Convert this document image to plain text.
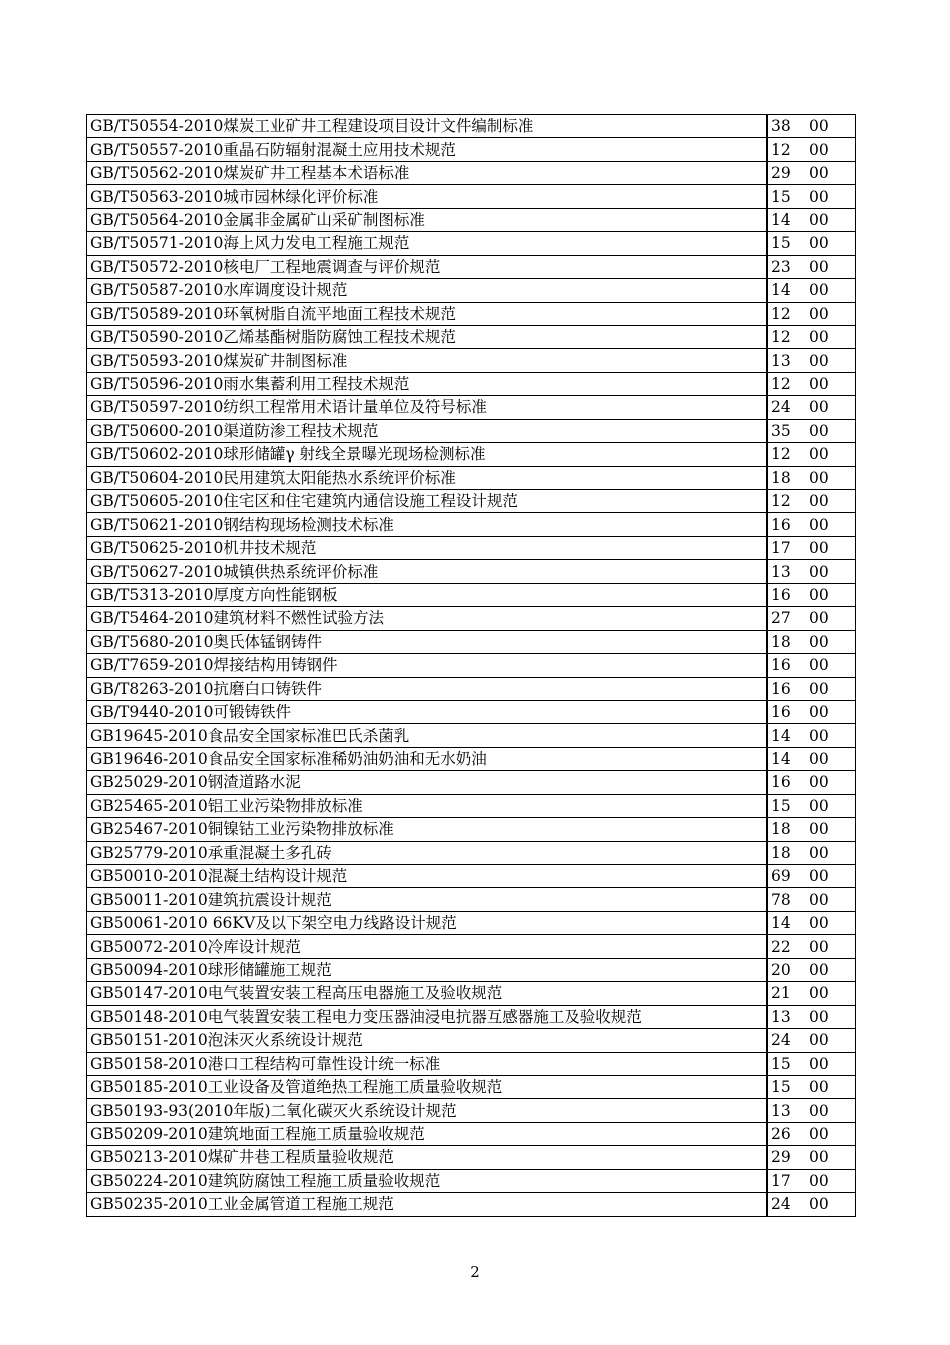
GB/T50554-2010煤炭工业矿井工程建设项目设计文件编制标准	38 00
GB/T50557-2010重晶石防辐射混凝土应用技术规范	12 00
GB/T50562-2010煤炭矿井工程基本术语标准	29 00
GB/T50563-2010城市园林绿化评价标准	15 00
GB/T50564-2010金属非金属矿山采矿制图标准	14 00
GB/T50571-2010海上风力发电工程施工规范	15 00
GB/T50572-2010核电厂工程地震调查与评价规范	23 00
GB/T50587-2010水库调度设计规范	14 00
GB/T50589-2010环氧树脂自流平地面工程技术规范	12 00
GB/T50590-2010乙烯基酯树脂防腐蚀工程技术规范	12 00
GB/T50593-2010煤炭矿井制图标准	13 00
GB/T50596-2010雨水集蓄利用工程技术规范	12 00
GB/T50597-2010纺织工程常用术语计量单位及符号标准	24 00
GB/T50600-2010渠道防渗工程技术规范	35 00
GB/T50602-2010球形储罐γ 射线全景曝光现场检测标准	12 00
GB/T50604-2010民用建筑太阳能热水系统评价标准	18 00
GB/T50605-2010住宅区和住宅建筑内通信设施工程设计规范	12 00
GB/T50621-2010钢结构现场检测技术标准	16 00
GB/T50625-2010机井技术规范	17 00
GB/T50627-2010城镇供热系统评价标准	13 00
GB/T5313-2010厚度方向性能钢板	16 00
GB/T5464-2010建筑材料不燃性试验方法	27 00
GB/T5680-2010奥氏体锰钢铸件	18 00
GB/T7659-2010焊接结构用铸钢件	16 00
GB/T8263-2010抗磨白口铸铁件	16 00
GB/T9440-2010可锻铸铁件	16 00
GB19645-2010食品安全国家标准巴氏杀菌乳	14 00
GB19646-2010食品安全国家标准稀奶油奶油和无水奶油	14 00
GB25029-2010钢渣道路水泥	16 00
GB25465-2010铝工业污染物排放标准	15 00
GB25467-2010铜镍钴工业污染物排放标准	18 00
GB25779-2010承重混凝土多孔砖	18 00
GB50010-2010混凝土结构设计规范	69 00
GB50011-2010建筑抗震设计规范	78 00
GB50061-2010 66KV及以下架空电力线路设计规范	14 00
GB50072-2010冷库设计规范	22 00
GB50094-2010球形储罐施工规范	20 00
GB50147-2010电气装置安装工程高压电器施工及验收规范	21 00
GB50148-2010电气装置安装工程电力变压器油浸电抗器互感器施工及验收规范	13 00
GB50151-2010泡沫灭火系统设计规范	24 00
GB50158-2010港口工程结构可靠性设计统一标准	15 00
GB50185-2010工业设备及管道绝热工程施工质量验收规范	15 00
GB50193-93(2010年版)二氧化碳灭火系统设计规范	13 00
GB50209-2010建筑地面工程施工质量验收规范	26 00
GB50213-2010煤矿井巷工程质量验收规范	29 00
GB50224-2010建筑防腐蚀工程施工质量验收规范	17 00
GB50235-2010工业金属管道工程施工规范	24 00
2
